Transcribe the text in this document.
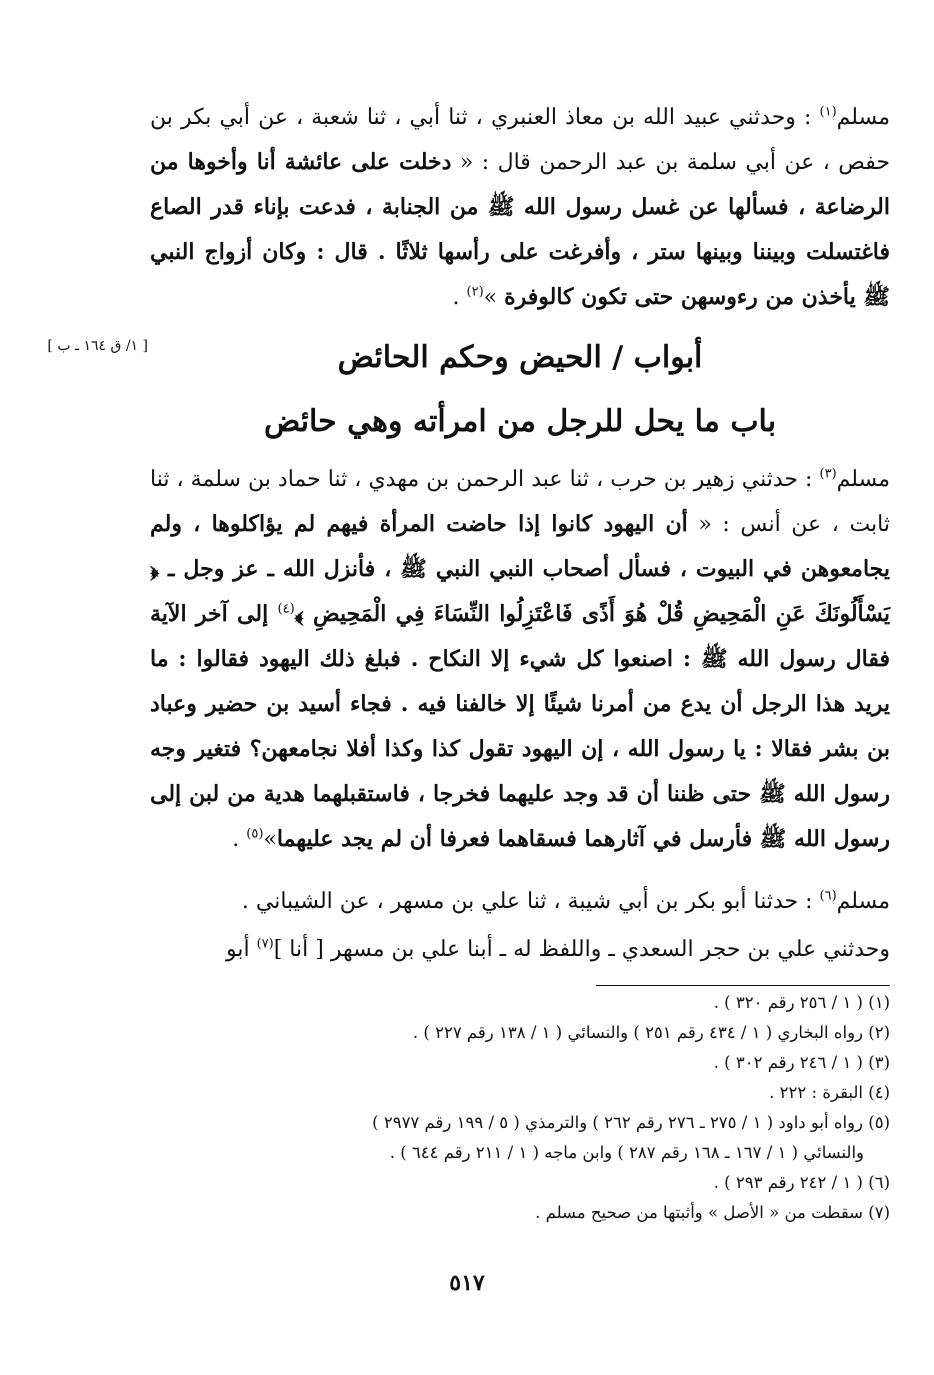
مسلم$^{(١)}$ : وحدثني عبيد الله بن معاذ العنبري ، ثنا أبي ، ثنا شعبة ، عن أبي بكر بن حفص ، عن أبي سلمة بن عبد الرحمن قال : « دخلت على عائشة أنا وأخوها من الرضاعة ، فسألها عن غسل رسول الله ﷺ من الجنابة ، فدعت بإناء قدر الصاع فاغتسلت وبيننا وبينها ستر ، وأفرغت على رأسها ثلاثًا . قال : وكان أزواج النبي ﷺ يأخذن من رءوسهن حتى تكون كالوفرة »$^{(٢)}$ .
[ ١/ ق ١٦٤ ـ ب ]	أبواب / الحيض وحكم الحائض
باب ما يحل للرجل من امرأته وهي حائض
مسلم$^{(٣)}$ : حدثني زهير بن حرب ، ثنا عبد الرحمن بن مهدي ، ثنا حماد بن سلمة ، ثنا ثابت ، عن أنس : « أن اليهود كانوا إذا حاضت المرأة فيهم لم يؤاكلوها ، ولم يجامعوهن في البيوت ، فسأل أصحاب النبي النبي ﷺ ، فأنزل الله ـ عز وجل ـ ﴿ يَسْأَلُونَكَ عَنِ الْمَحِيضِ قُلْ هُوَ أَذًى فَاعْتَزِلُوا النِّسَاءَ فِي الْمَحِيضِ ﴾$^{(٤)}$ إلى آخر الآية فقال رسول الله ﷺ : اصنعوا كل شيء إلا النكاح . فبلغ ذلك اليهود فقالوا : ما يريد هذا الرجل أن يدع من أمرنا شيئًا إلا خالفنا فيه . فجاء أسيد بن حضير وعباد بن بشر فقالا : يا رسول الله ، إن اليهود تقول كذا وكذا أفلا نجامعهن؟ فتغير وجه رسول الله ﷺ حتى ظننا أن قد وجد عليهما فخرجا ، فاستقبلهما هدية من لبن إلى رسول الله ﷺ فأرسل في آثارهما فسقاهما فعرفا أن لم يجد عليهما»$^{(٥)}$ .
مسلم$^{(٦)}$ : حدثنا أبو بكر بن أبي شيبة ، ثنا علي بن مسهر ، عن الشيباني .
وحدثني علي بن حجر السعدي ـ واللفظ له ـ أبنا علي بن مسهر [ أنا ]$^{(٧)}$ أبو

(١) ( ١ / ٢٥٦ رقم ٣٢٠ ) .

(٢) رواه البخاري ( ١ / ٤٣٤ رقم ٢٥١ ) والنسائي ( ١ / ١٣٨ رقم ٢٢٧ ) .

(٣) ( ١ / ٢٤٦ رقم ٣٠٢ ) .

(٤) البقرة : ٢٢٢ .

(٥) رواه أبو داود ( ١ / ٢٧٥ ـ ٢٧٦ رقم ٢٦٢ ) والترمذي ( ٥ / ١٩٩ رقم ٢٩٧٧ )

والنسائي ( ١ / ١٦٧ ـ ١٦٨ رقم ٢٨٧ ) وابن ماجه ( ١ / ٢١١ رقم ٦٤٤ ) .

(٦) ( ١ / ٢٤٢ رقم ٢٩٣ ) .

(٧) سقطت من « الأصل » وأثبتها من صحيح مسلم .

٥١٧
